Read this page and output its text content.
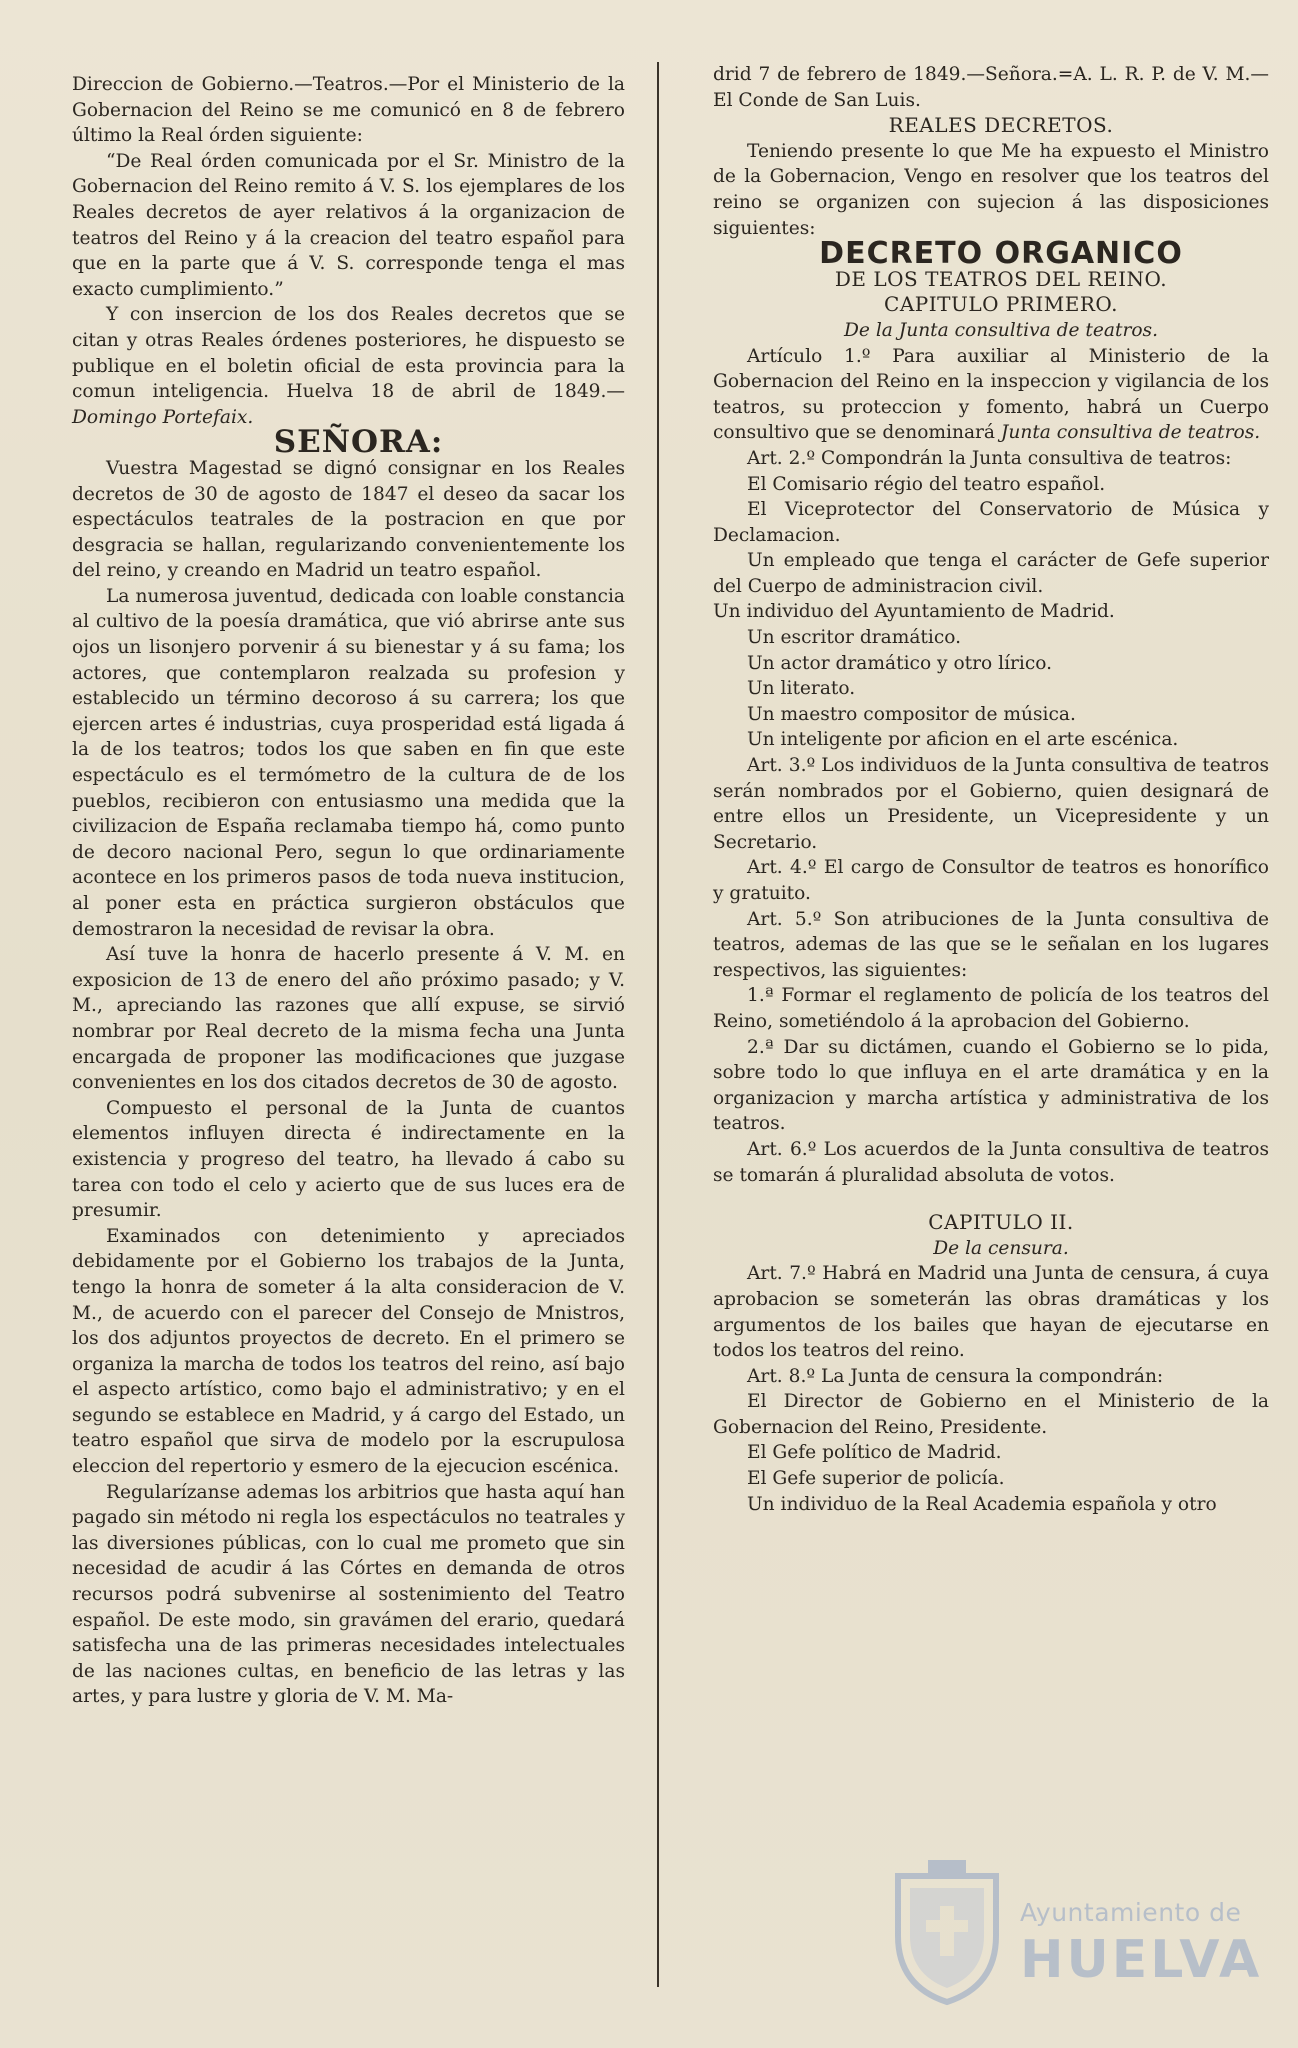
Direccion de Gobierno.—Teatros.—Por el Ministerio de la Gobernacion del Reino se me comunicó en 8 de febrero último la Real órden siguiente:

“De Real órden comunicada por el Sr. Ministro de la Gobernacion del Reino remito á V. S. los ejemplares de los Reales decretos de ayer relativos á la organizacion de teatros del Reino y á la creacion del teatro español para que en la parte que á V. S. corresponde tenga el mas exacto cumplimiento.”

Y con insercion de los dos Reales decretos que se citan y otras Reales órdenes posteriores, he dispuesto se publique en el boletin oficial de esta provincia para la comun inteligencia. Huelva 18 de abril de 1849.—Domingo Portefaix.

SEÑORA:

Vuestra Magestad se dignó consignar en los Reales decretos de 30 de agosto de 1847 el deseo da sacar los espectáculos teatrales de la postracion en que por desgracia se hallan, regularizando convenientemente los del reino, y creando en Madrid un teatro español.

La numerosa juventud, dedicada con loable constancia al cultivo de la poesía dramática, que vió abrirse ante sus ojos un lisonjero porvenir á su bienestar y á su fama; los actores, que contemplaron realzada su profesion y establecido un término decoroso á su carrera; los que ejercen artes é industrias, cuya prosperidad está ligada á la de los teatros; todos los que saben en fin que este espectáculo es el termómetro de la cultura de de los pueblos, recibieron con entusiasmo una medida que la civilizacion de España reclamaba tiempo há, como punto de decoro nacional Pero, segun lo que ordinariamente acontece en los primeros pasos de toda nueva institucion, al poner esta en práctica surgieron obstáculos que demostraron la necesidad de revisar la obra.

Así tuve la honra de hacerlo presente á V. M. en exposicion de 13 de enero del año próximo pasado; y V. M., apreciando las razones que allí expuse, se sirvió nombrar por Real decreto de la misma fecha una Junta encargada de proponer las modificaciones que juzgase convenientes en los dos citados decretos de 30 de agosto.

Compuesto el personal de la Junta de cuantos elementos influyen directa é indirectamente en la existencia y progreso del teatro, ha llevado á cabo su tarea con todo el celo y acierto que de sus luces era de presumir.

Examinados con detenimiento y apreciados debidamente por el Gobierno los trabajos de la Junta, tengo la honra de someter á la alta consideracion de V. M., de acuerdo con el parecer del Consejo de Mnistros, los dos adjuntos proyectos de decreto. En el primero se organiza la marcha de todos los teatros del reino, así bajo el aspecto artístico, como bajo el administrativo; y en el segundo se establece en Madrid, y á cargo del Estado, un teatro español que sirva de modelo por la escrupulosa eleccion del repertorio y esmero de la ejecucion escénica.

Regularízanse ademas los arbitrios que hasta aquí han pagado sin método ni regla los espectáculos no teatrales y las diversiones públicas, con lo cual me prometo que sin necesidad de acudir á las Córtes en demanda de otros recursos podrá subvenirse al sostenimiento del Teatro español. De este modo, sin gravámen del erario, quedará satisfecha una de las primeras necesidades intelectuales de las naciones cultas, en beneficio de las letras y las artes, y para lustre y gloria de V. M. Ma-

drid 7 de febrero de 1849.—Señora.=A. L. R. P. de V. M.—El Conde de San Luis.

REALES DECRETOS.

Teniendo presente lo que Me ha expuesto el Ministro de la Gobernacion, Vengo en resolver que los teatros del reino se organizen con sujecion á las disposiciones siguientes:

DECRETO ORGANICO

DE LOS TEATROS DEL REINO.

CAPITULO PRIMERO.

De la Junta consultiva de teatros.

Artículo 1.º Para auxiliar al Ministerio de la Gobernacion del Reino en la inspeccion y vigilancia de los teatros, su proteccion y fomento, habrá un Cuerpo consultivo que se denominará Junta consultiva de teatros.

Art. 2.º Compondrán la Junta consultiva de teatros:

El Comisario régio del teatro español.

El Viceprotector del Conservatorio de Música y Declamacion.

Un empleado que tenga el carácter de Gefe superior del Cuerpo de administracion civil.

Un individuo del Ayuntamiento de Madrid.

Un escritor dramático.

Un actor dramático y otro lírico.

Un literato.

Un maestro compositor de música.

Un inteligente por aficion en el arte escénica.

Art. 3.º Los individuos de la Junta consultiva de teatros serán nombrados por el Gobierno, quien designará de entre ellos un Presidente, un Vicepresidente y un Secretario.

Art. 4.º El cargo de Consultor de teatros es honorífico y gratuito.

Art. 5.º Son atribuciones de la Junta consultiva de teatros, ademas de las que se le señalan en los lugares respectivos, las siguientes:

1.ª Formar el reglamento de policía de los teatros del Reino, sometiéndolo á la aprobacion del Gobierno.

2.ª Dar su dictámen, cuando el Gobierno se lo pida, sobre todo lo que influya en el arte dramática y en la organizacion y marcha artística y administrativa de los teatros.

Art. 6.º Los acuerdos de la Junta consultiva de teatros se tomarán á pluralidad absoluta de votos.

CAPITULO II.

De la censura.

Art. 7.º Habrá en Madrid una Junta de censura, á cuya aprobacion se someterán las obras dramáticas y los argumentos de los bailes que hayan de ejecutarse en todos los teatros del reino.

Art. 8.º La Junta de censura la compondrán:

El Director de Gobierno en el Ministerio de la Gobernacion del Reino, Presidente.

El Gefe político de Madrid.

El Gefe superior de policía.

Un individuo de la Real Academia española y otro

Ayuntamiento de
HUELVA
